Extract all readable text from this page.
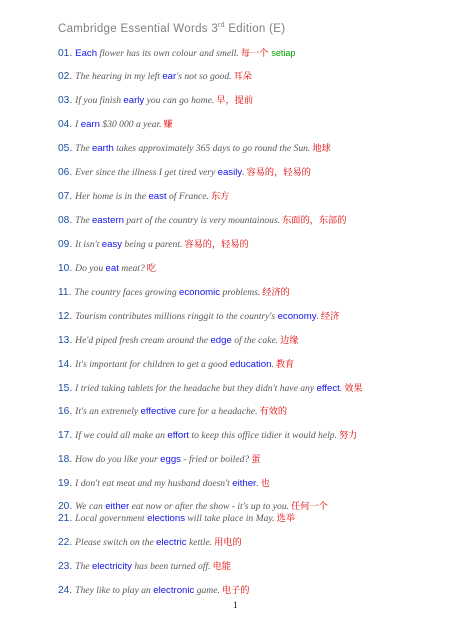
Cambridge Essential Words 3rd Edition (E)
01. Each flower has its own colour and smell. 每一个 setiap
02. The hearing in my left ear's not so good. 耳朵
03. If you finish early you can go home. 早，提前
04. I earn $30 000 a year. 赚
05. The earth takes approximately 365 days to go round the Sun. 地球
06. Ever since the illness I get tired very easily. 容易的，轻易的
07. Her home is in the east of France. 东方
08. The eastern part of the country is very mountainous. 东面的，东部的
09. It isn't easy being a parent. 容易的，轻易的
10. Do you eat meat? 吃
11. The country faces growing economic problems. 经济的
12. Tourism contributes millions ringgit to the country's economy. 经济
13. He'd piped fresh cream around the edge of the cake. 边缘
14. It's important for children to get a good education. 教育
15. I tried taking tablets for the headache but they didn't have any effect. 效果
16. It's an extremely effective cure for a headache. 有效的
17. If we could all make an effort to keep this office tidier it would help. 努力
18. How do you like your eggs - fried or boiled? 蛋
19. I don't eat meat and my husband doesn't either. 也
20. We can either eat now or after the show - it's up to you. 任何一个
21. Local government elections will take place in May. 选举
22. Please switch on the electric kettle. 用电的
23. The electricity has been turned off. 电能
24. They like to play an electronic game. 电子的
1
